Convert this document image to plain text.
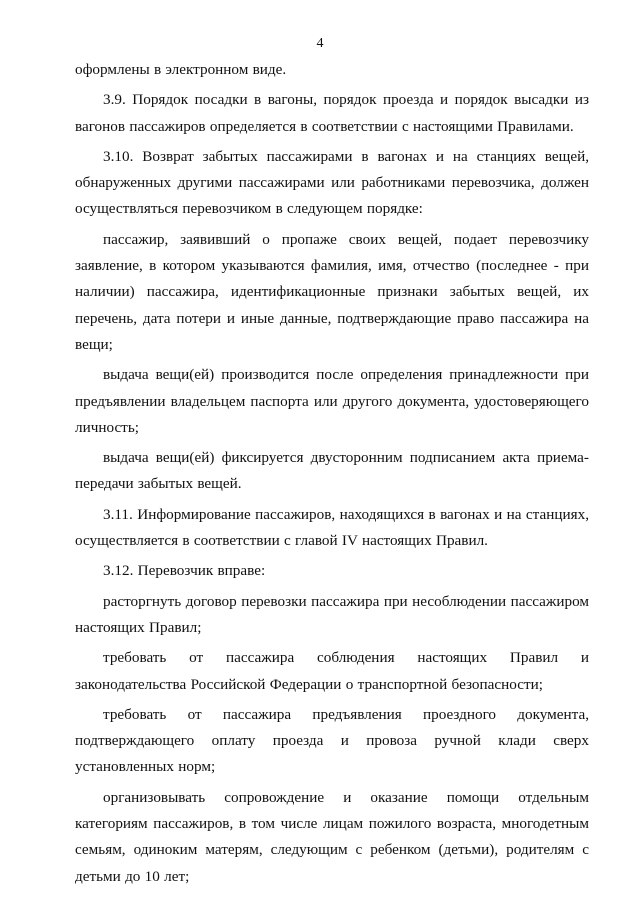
4

оформлены в электронном виде.

3.9. Порядок посадки в вагоны, порядок проезда и порядок высадки из вагонов пассажиров определяется в соответствии с настоящими Правилами.

3.10. Возврат забытых пассажирами в вагонах и на станциях вещей, обнаруженных другими пассажирами или работниками перевозчика, должен осуществляться перевозчиком в следующем порядке:

пассажир, заявивший о пропаже своих вещей, подает перевозчику заявление, в котором указываются фамилия, имя, отчество (последнее - при наличии) пассажира, идентификационные признаки забытых вещей, их перечень, дата потери и иные данные, подтверждающие право пассажира на вещи;

выдача вещи(ей) производится после определения принадлежности при предъявлении владельцем паспорта или другого документа, удостоверяющего личность;

выдача вещи(ей) фиксируется двусторонним подписанием акта приема-передачи забытых вещей.

3.11. Информирование пассажиров, находящихся в вагонах и на станциях, осуществляется в соответствии с главой IV настоящих Правил.

3.12. Перевозчик вправе:

расторгнуть договор перевозки пассажира при несоблюдении пассажиром настоящих Правил;

требовать от пассажира соблюдения настоящих Правил и законодательства Российской Федерации о транспортной безопасности;

требовать от пассажира предъявления проездного документа, подтверждающего оплату проезда и провоза ручной клади сверх установленных норм;

организовывать сопровождение и оказание помощи отдельным категориям пассажиров, в том числе лицам пожилого возраста, многодетным семьям, одиноким матерям, следующим с ребенком (детьми), родителям с детьми до 10 лет;
